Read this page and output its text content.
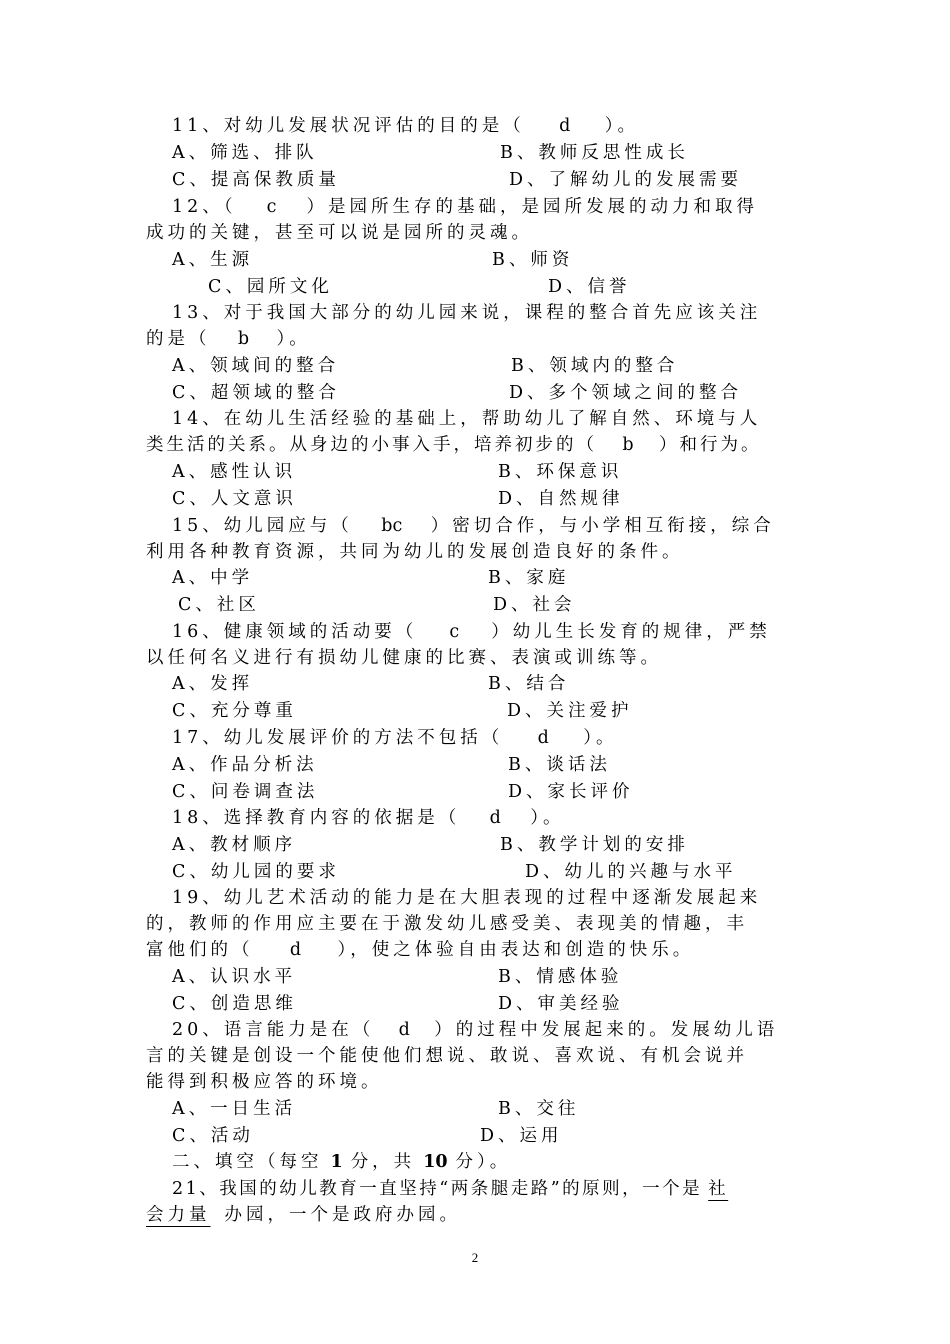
11、对幼儿发展状况评估的目的是（ d ）。
A、筛选、排队	B、教师反思性成长
C、提高保教质量	D、了解幼儿的发展需要
12、（ c ）是园所生存的基础，是园所发展的动力和取得
成功的关键，甚至可以说是园所的灵魂。
A、生源	B、师资
C、园所文化	D、信誉
13、对于我国大部分的幼儿园来说，课程的整合首先应该关注
的是（ b ）。
A、领域间的整合	B、领域内的整合
C、超领域的整合	D、多个领域之间的整合
14、在幼儿生活经验的基础上，帮助幼儿了解自然、环境与人
类生活的关系。从身边的小事入手，培养初步的（ b ）和行为。
A、感性认识	B、环保意识
C、人文意识	D、自然规律
15、幼儿园应与（ bc ）密切合作，与小学相互衔接，综合
利用各种教育资源，共同为幼儿的发展创造良好的条件。
A、中学	B、家庭
C、社区	D、社会
16、健康领域的活动要（ c ）幼儿生长发育的规律，严禁
以任何名义进行有损幼儿健康的比赛、表演或训练等。
A、发挥	B、结合
C、充分尊重	D、关注爱护
17、幼儿发展评价的方法不包括（ d ）。
A、作品分析法	B、谈话法
C、问卷调查法	D、家长评价
18、选择教育内容的依据是（ d ）。
A、教材顺序	B、教学计划的安排
C、幼儿园的要求	D、幼儿的兴趣与水平
19、幼儿艺术活动的能力是在大胆表现的过程中逐渐发展起来
的，教师的作用应主要在于激发幼儿感受美、表现美的情趣，丰
富他们的（ d ），使之体验自由表达和创造的快乐。
A、认识水平	B、情感体验
C、创造思维	D、审美经验
20、语言能力是在（ d ）的过程中发展起来的。发展幼儿语
言的关键是创设一个能使他们想说、敢说、喜欢说、有机会说并
能得到积极应答的环境。
A、一日生活	B、交往
C、活动	D、运用
二、填空（每空 1 分，共 10 分）。
21、我国的幼儿教育一直坚持“两条腿走路”的原则，一个是 社
会力量 办园，一个是政府办园。
2
